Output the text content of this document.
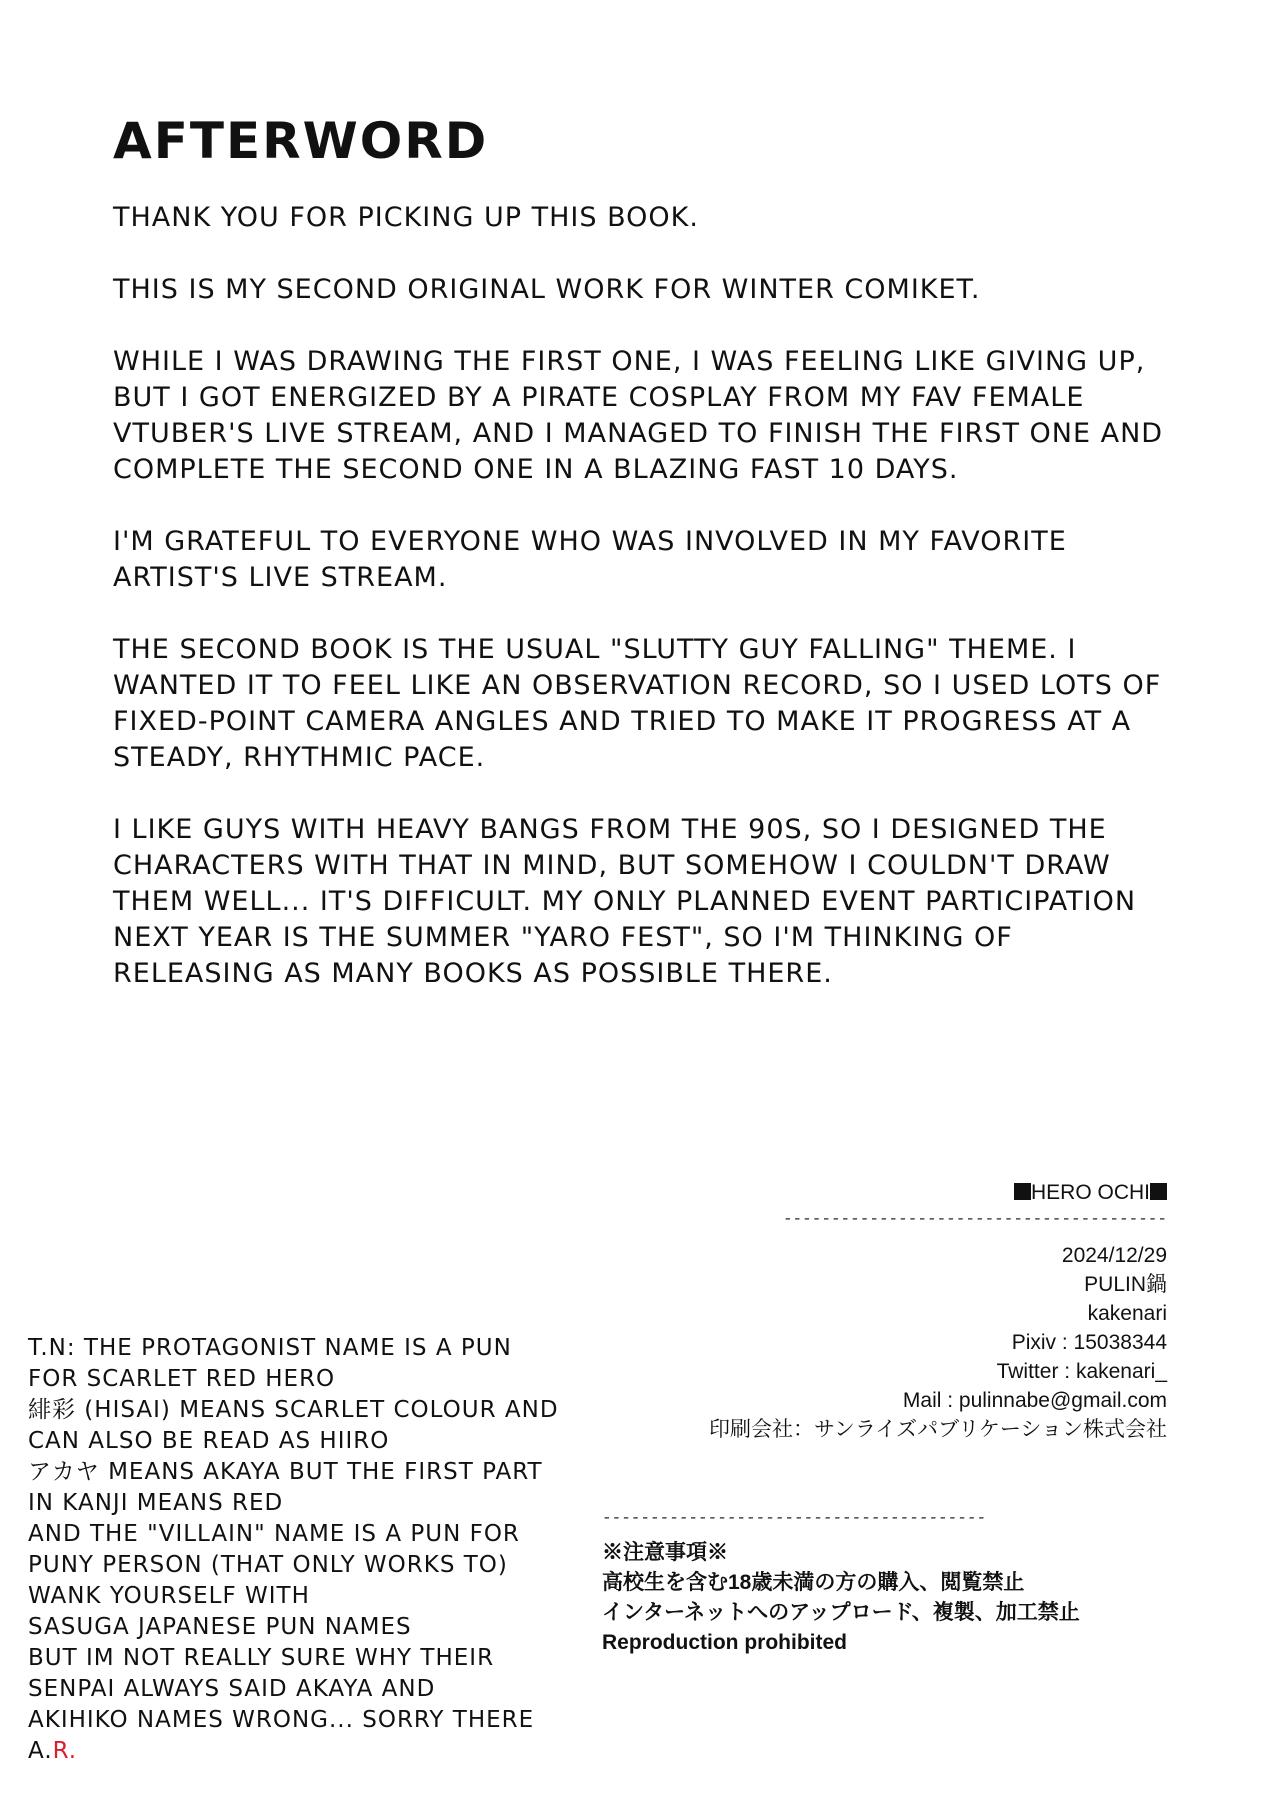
AFTERWORD

THANK YOU FOR PICKING UP THIS BOOK.

THIS IS MY SECOND ORIGINAL WORK FOR WINTER COMIKET.

WHILE I WAS DRAWING THE FIRST ONE, I WAS FEELING LIKE GIVING UP, BUT I GOT ENERGIZED BY A PIRATE COSPLAY FROM MY FAV FEMALE VTUBER'S LIVE STREAM, AND I MANAGED TO FINISH THE FIRST ONE AND COMPLETE THE SECOND ONE IN A BLAZING FAST 10 DAYS.

I'M GRATEFUL TO EVERYONE WHO WAS INVOLVED IN MY FAVORITE ARTIST'S LIVE STREAM.

THE SECOND BOOK IS THE USUAL "SLUTTY GUY FALLING" THEME. I WANTED IT TO FEEL LIKE AN OBSERVATION RECORD, SO I USED LOTS OF FIXED-POINT CAMERA ANGLES AND TRIED TO MAKE IT PROGRESS AT A STEADY, RHYTHMIC PACE.

I LIKE GUYS WITH HEAVY BANGS FROM THE 90S, SO I DESIGNED THE CHARACTERS WITH THAT IN MIND, BUT SOMEHOW I COULDN'T DRAW THEM WELL... IT'S DIFFICULT. MY ONLY PLANNED EVENT PARTICIPATION NEXT YEAR IS THE SUMMER "YARO FEST", SO I'M THINKING OF RELEASING AS MANY BOOKS AS POSSIBLE THERE.

HERO OCHI
----------------------------------------
2024/12/29
PULIN鍋
kakenari
Pixiv : 15038344
Twitter : kakenari_
Mail : pulinnabe@gmail.com
印刷会社：サンライズパブリケーション株式会社
----------------------------------------
※注意事項※
高校生を含む18歳未満の方の購入、閲覧禁止
インターネットへのアップロード、複製、加工禁止
Reproduction prohibited
T.N: THE PROTAGONIST NAME IS A PUN
FOR SCARLET RED HERO
緋彩 (HISAI) MEANS SCARLET COLOUR AND
CAN ALSO BE READ AS HIIRO
アカヤ MEANS AKAYA BUT THE FIRST PART
IN KANJI MEANS RED
AND THE "VILLAIN" NAME IS A PUN FOR
PUNY PERSON (THAT ONLY WORKS TO)
WANK YOURSELF WITH
SASUGA JAPANESE PUN NAMES
BUT IM NOT REALLY SURE WHY THEIR
SENPAI ALWAYS SAID AKAYA AND
AKIHIKO NAMES WRONG... SORRY THERE
A.R.
